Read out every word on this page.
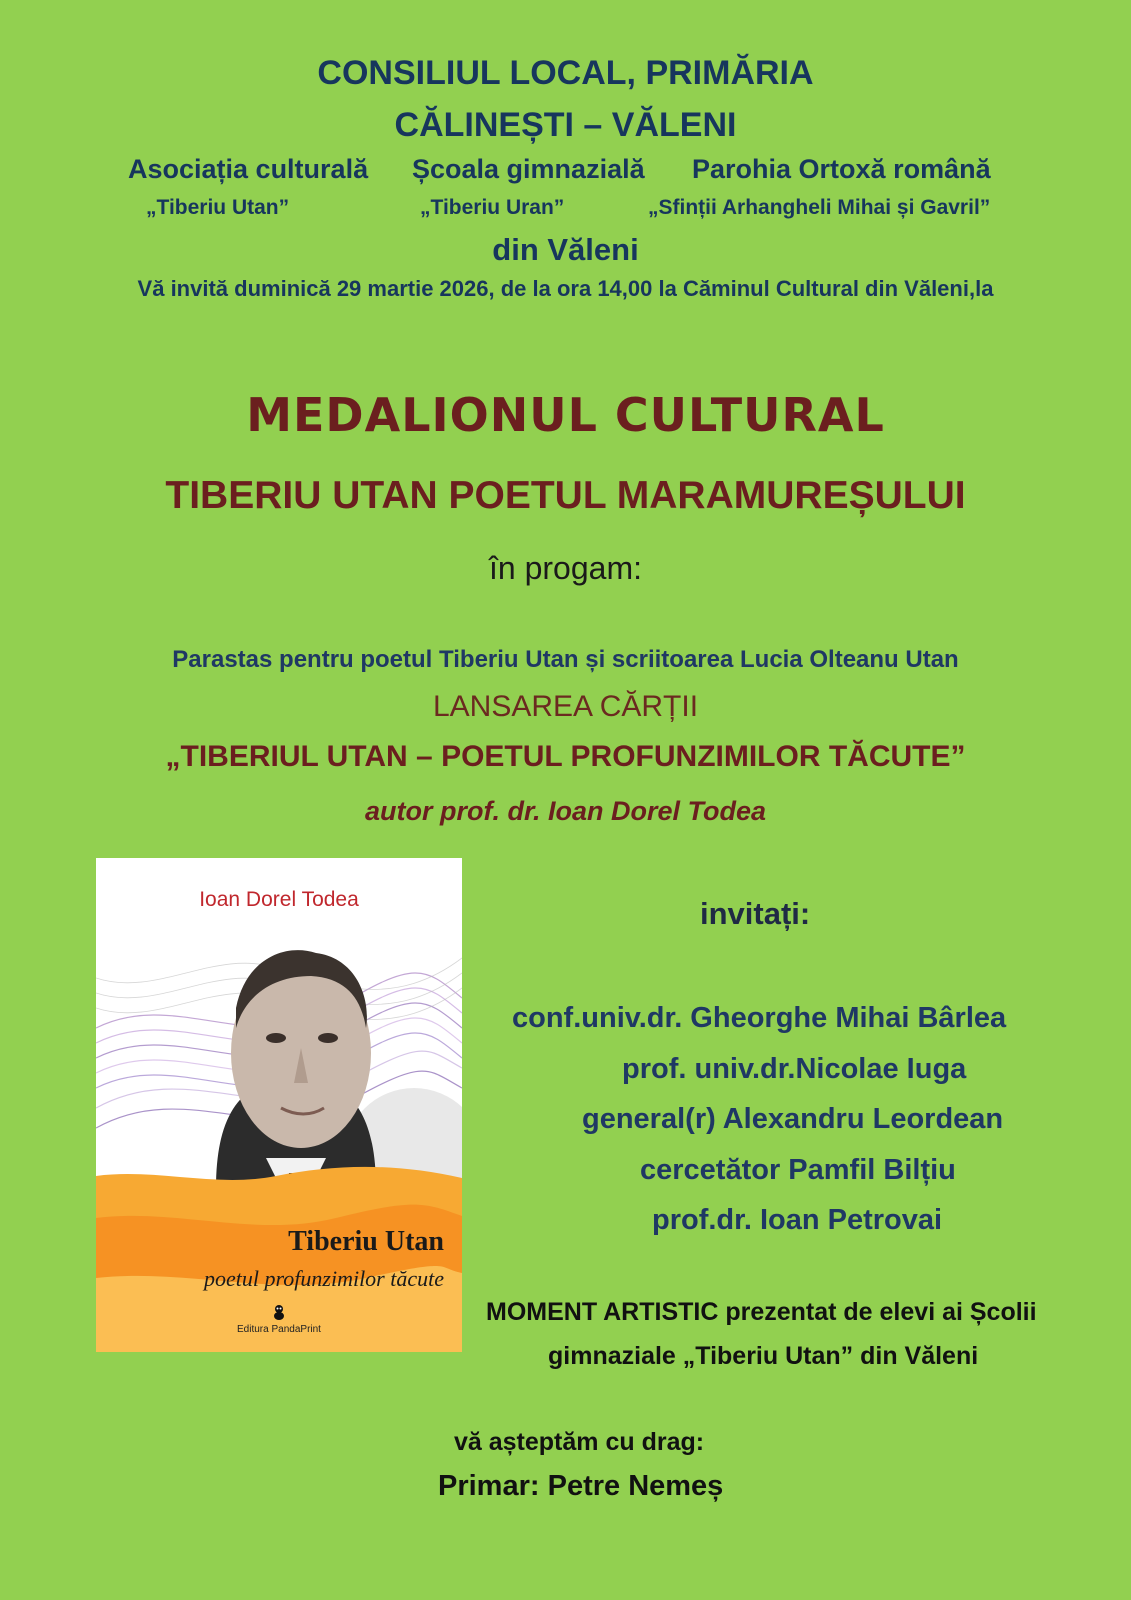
CONSILIUL LOCAL, PRIMĂRIA
CĂLINEȘTI – VĂLENI
Asociația culturală Școala gimnazială Parohia Ortoxă română
„Tiberiu Utan”	„Tiberiu Uran”	„Sfinții Arhangheli Mihai și Gavril”
din Văleni
Vă invită duminică 29 martie 2026, de la ora 14,00 la Căminul Cultural din Văleni,la
MEDALIONUL CULTURAL
TIBERIU UTAN POETUL MARAMUREȘULUI
în progam:
Parastas pentru poetul Tiberiu Utan și scriitoarea Lucia Olteanu Utan
LANSAREA CĂRȚII
„TIBERIUL UTAN – POETUL PROFUNZIMILOR TĂCUTE”
autor prof. dr. Ioan Dorel Todea
Ioan Dorel Todea
Tiberiu Utan
poetul profunzimilor tăcute
Editura PandaPrint
invitați:
conf.univ.dr. Gheorghe Mihai Bârlea
prof. univ.dr.Nicolae Iuga
general(r) Alexandru Leordean
cercetător Pamfil Bilțiu
prof.dr. Ioan Petrovai
MOMENT ARTISTIC prezentat de elevi ai Școlii
gimnaziale „Tiberiu Utan” din Văleni
vă așteptăm cu drag:
Primar: Petre Nemeș
